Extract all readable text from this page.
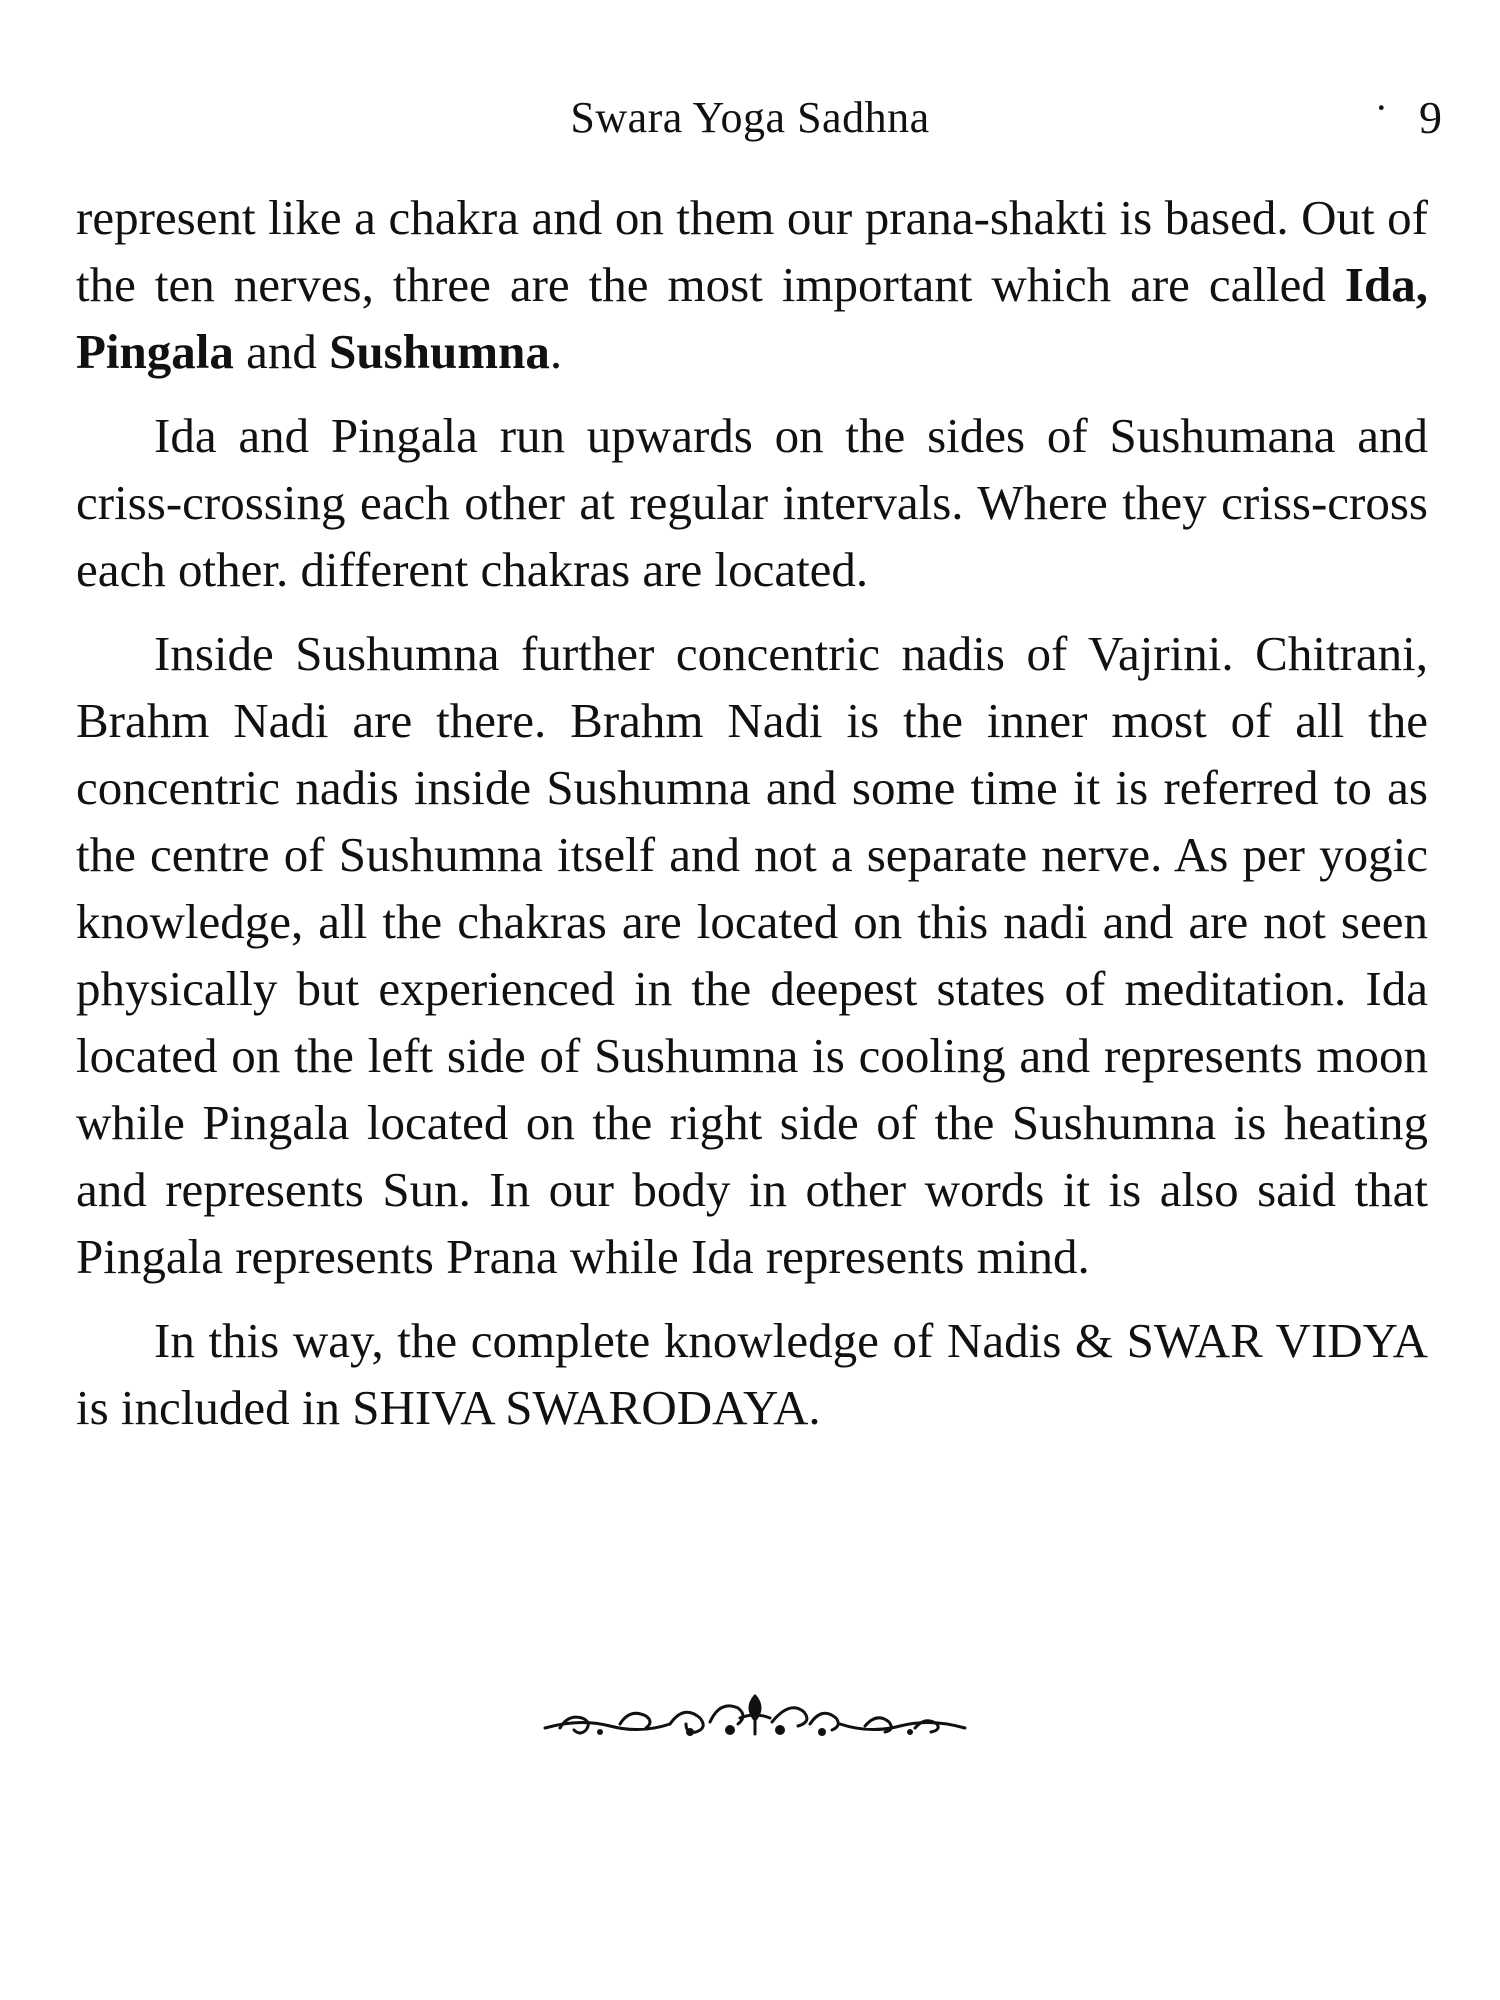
Swara Yoga Sadhna	· 9

represent like a chakra and on them our prana-shakti is based. Out of the ten nerves, three are the most important which are called Ida, Pingala and Sushumna.

Ida and Pingala run upwards on the sides of Sushumana and criss-crossing each other at regular intervals. Where they criss-cross each other. different chakras are located.

Inside Sushumna further concentric nadis of Vajrini. Chitrani, Brahm Nadi are there. Brahm Nadi is the inner most of all the concentric nadis inside Sushumna and some time it is referred to as the centre of Sushumna itself and not a separate nerve. As per yogic knowledge, all the chakras are located on this nadi and are not seen physically but experienced in the deepest states of meditation. Ida located on the left side of Sushumna is cooling and represents moon while Pingala located on the right side of the Sushumna is heating and represents Sun. In our body in other words it is also said that Pingala represents Prana while Ida represents mind.

In this way, the complete knowledge of Nadis & SWAR VIDYA is included in SHIVA SWARODAYA.
